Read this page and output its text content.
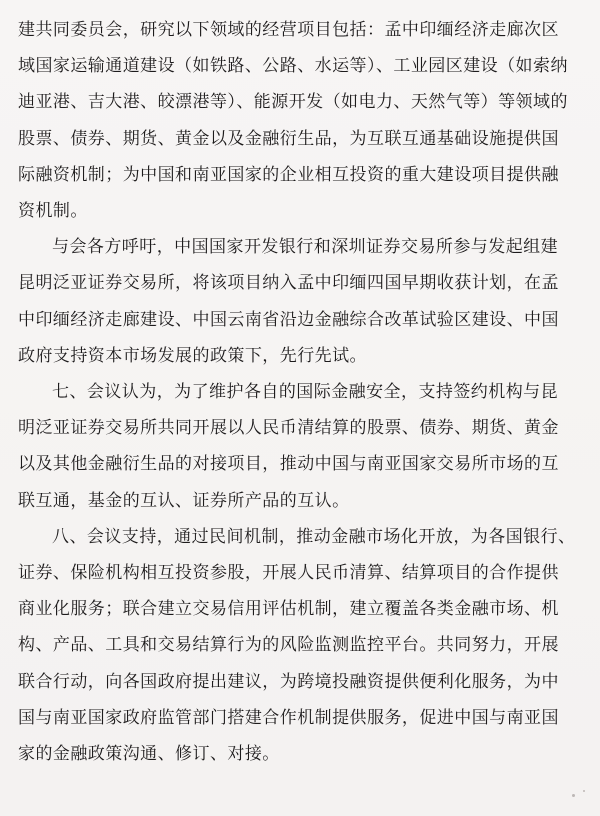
建共同委员会，研究以下领域的经营项目包括：孟中印缅经济走廊次区
域国家运输通道建设（如铁路、公路、水运等）、工业园区建设（如索纳
迪亚港、吉大港、皎漂港等）、能源开发（如电力、天然气等）等领域的
股票、债券、期货、黄金以及金融衍生品，为互联互通基础设施提供国
际融资机制；为中国和南亚国家的企业相互投资的重大建设项目提供融
资机制。
与会各方呼吁，中国国家开发银行和深圳证券交易所参与发起组建
昆明泛亚证券交易所，将该项目纳入孟中印缅四国早期收获计划，在孟
中印缅经济走廊建设、中国云南省沿边金融综合改革试验区建设、中国
政府支持资本市场发展的政策下，先行先试。
七、会议认为，为了维护各自的国际金融安全，支持签约机构与昆
明泛亚证券交易所共同开展以人民币清结算的股票、债券、期货、黄金
以及其他金融衍生品的对接项目，推动中国与南亚国家交易所市场的互
联互通，基金的互认、证券所产品的互认。
八、会议支持，通过民间机制，推动金融市场化开放，为各国银行、
证券、保险机构相互投资参股，开展人民币清算、结算项目的合作提供
商业化服务；联合建立交易信用评估机制，建立覆盖各类金融市场、机
构、产品、工具和交易结算行为的风险监测监控平台。共同努力，开展
联合行动，向各国政府提出建议，为跨境投融资提供便利化服务，为中
国与南亚国家政府监管部门搭建合作机制提供服务，促进中国与南亚国
家的金融政策沟通、修订、对接。
